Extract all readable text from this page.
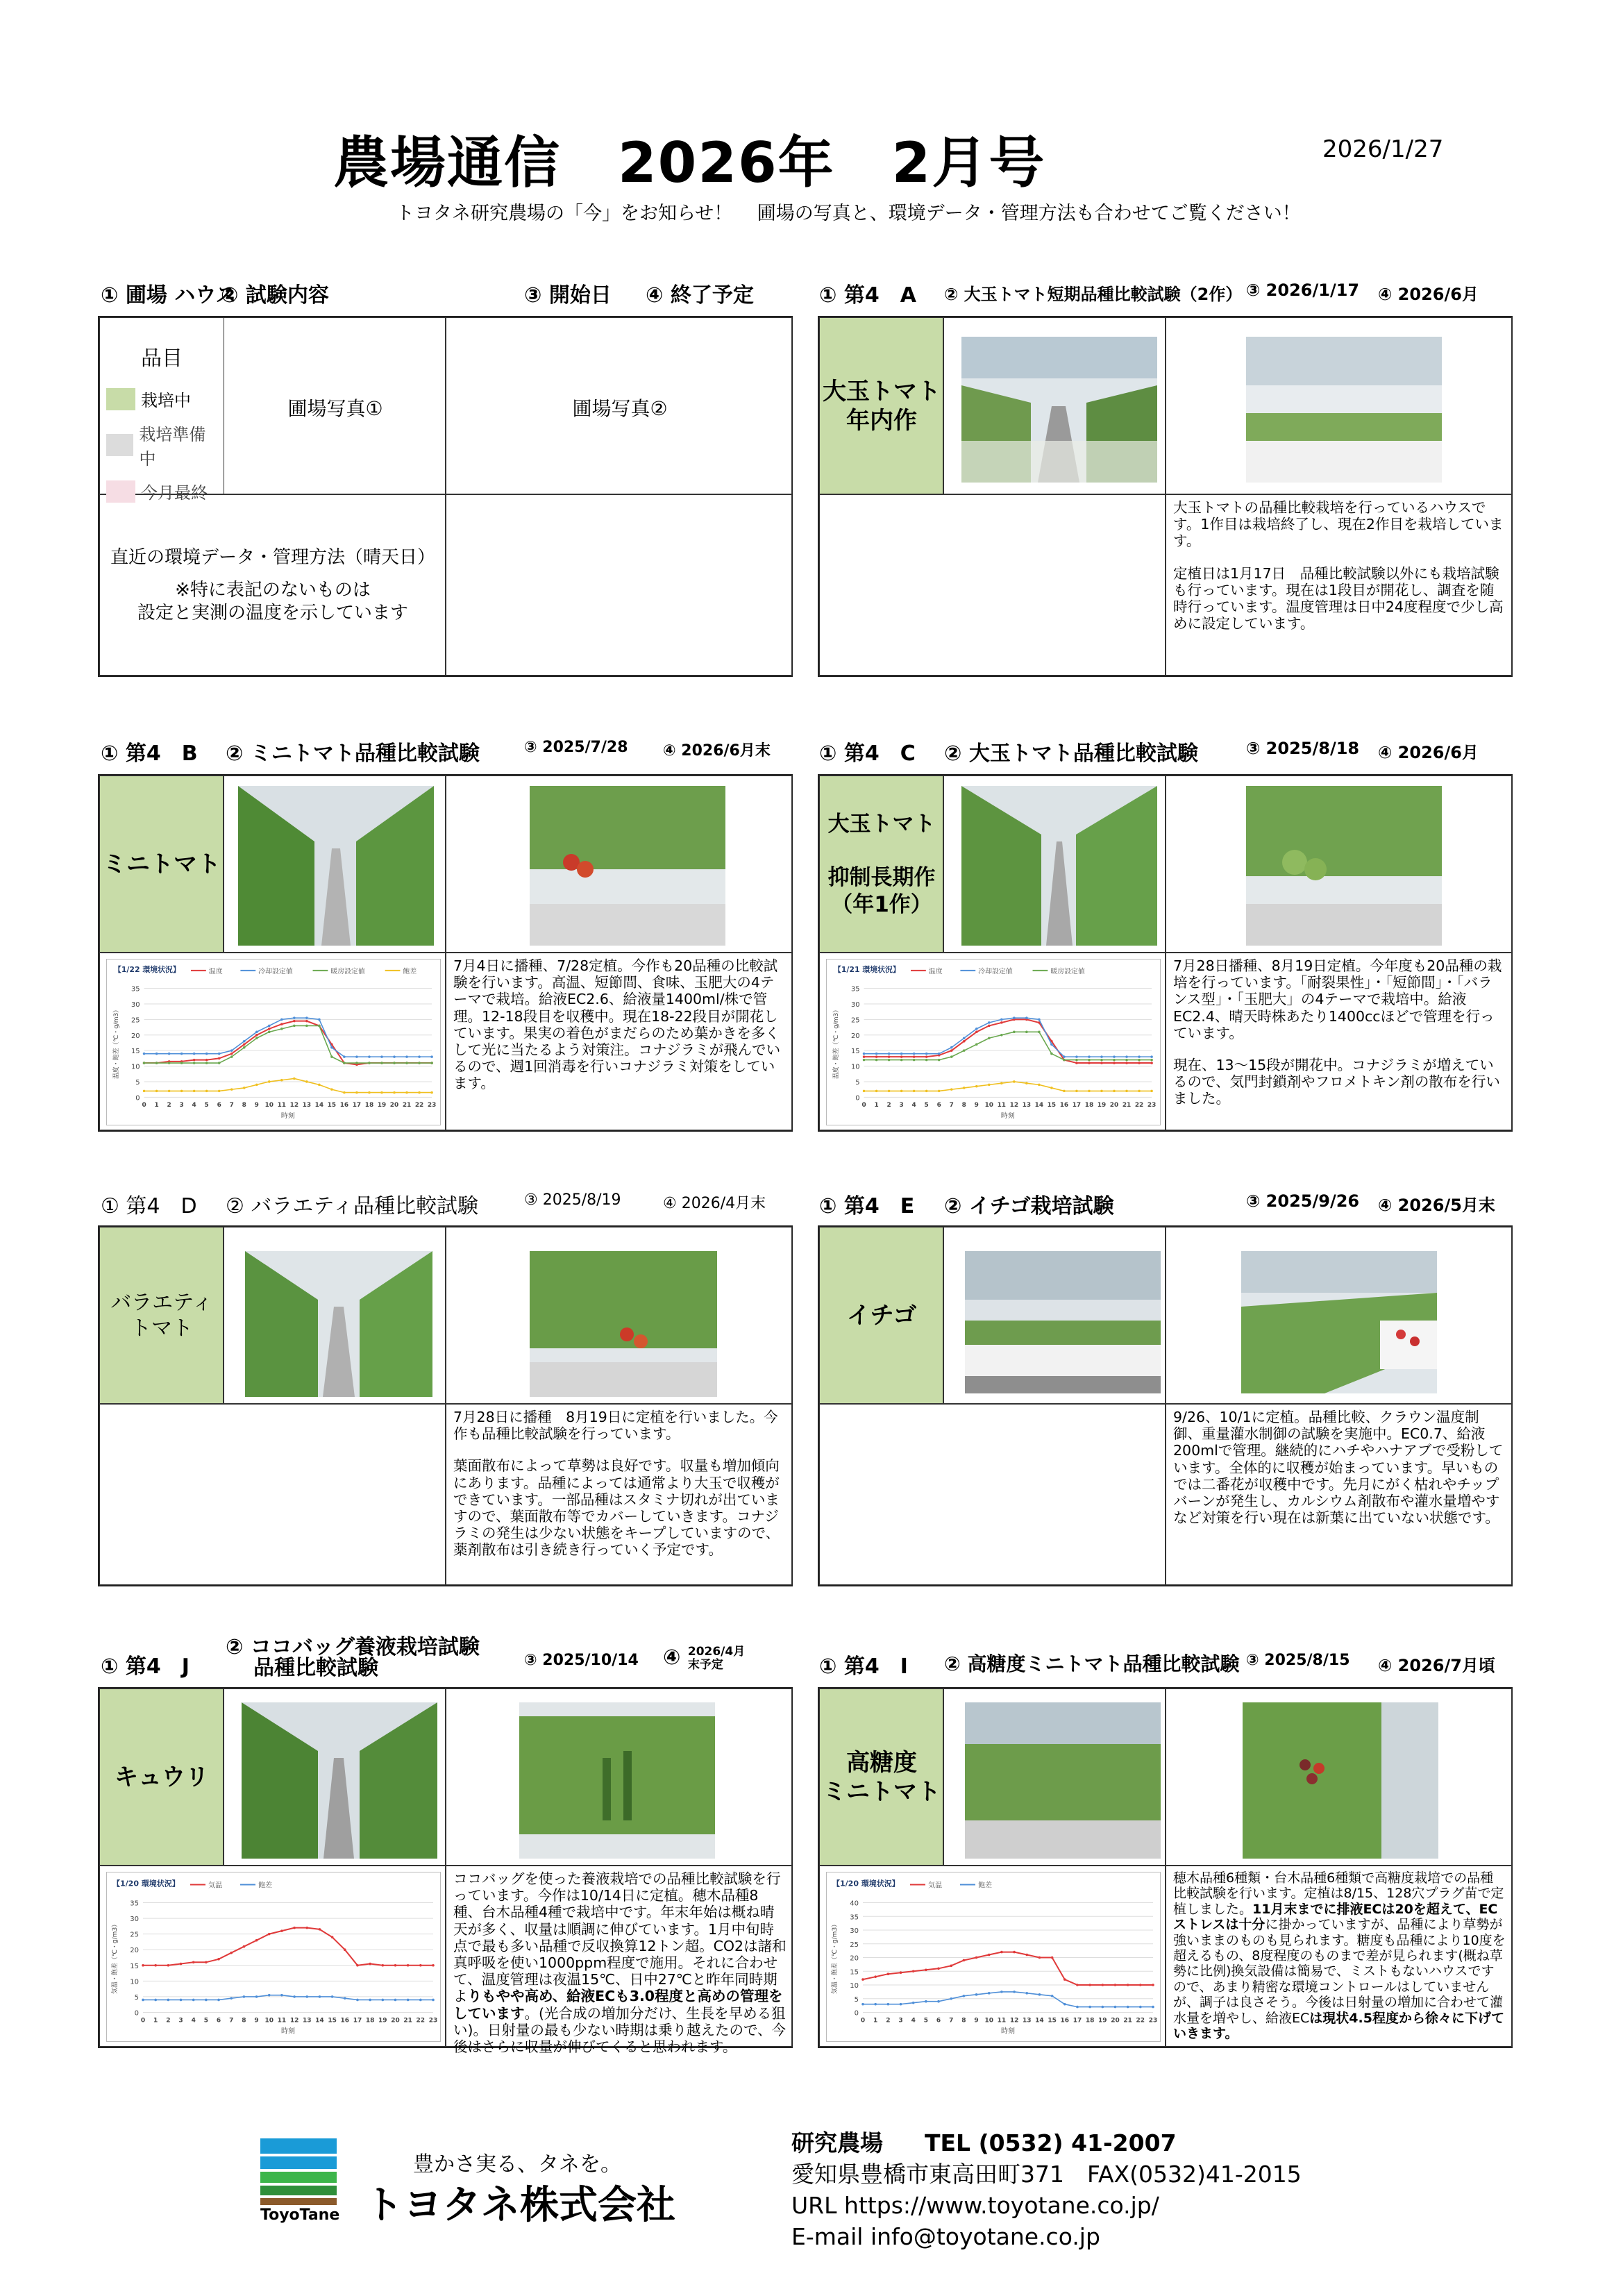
農場通信　2026年　2月号	2026/1/27
トヨタネ研究農場の「今」をお知らせ！　 圃場の写真と、環境データ・管理方法も合わせてご覧ください！
① 圃場 ハウス
② 試験内容	③ 開始日 ④ 終了予定
品目
栽培中
栽培準備中
今月最終
圃場写真①	圃場写真②
直近の環境データ・管理方法（晴天日）
※特に表記のないものは
設定と実測の温度を示しています
① 第4　A ② 大玉トマト短期品種比較試験（2作） ③ 2026/1/17 ④ 2026/6月
大玉トマト
年内作

大玉トマトの品種比較栽培を行っているハウスです。1作目は栽培終了し、現在2作目を栽培しています。

定植日は1月17日　品種比較試験以外にも栽培試験も行っています。現在は1段目が開花し、調査を随時行っています。温度管理は日中24度程度で少し高めに設定しています。

① 第4　B ② ミニトマト品種比較試験	③ 2025/7/28 ④ 2026/6月末
ミニトマト
【1/22 環境状況】	温度	冷却設定値	暖房設定値	飽差
0
5
10
15
20
25
30
35
0 1 2 3 4 5 6 7 8 9 10 11 12 13 14 15 16 17 18 19 20 21 22 23
時刻
温度・飽差（℃・g/m3）

7月4日に播種、7/28定植。今作も20品種の比較試験を行います。高温、短節間、食味、玉肥大の4テーマで栽培。給液EC2.6、給液量1400ml/株で管理。12-18段目を収穫中。現在18-22段目が開花しています。果実の着色がまだらのため葉かきを多くして光に当たるよう対策注。コナジラミが飛んでいるので、週1回消毒を行いコナジラミ対策をしています。

① 第4　C ② 大玉トマト品種比較試験	③ 2025/8/18 ④ 2026/6月
大玉トマト

抑制長期作
（年1作）
【1/21 環境状況】	温度	冷却設定値	暖房設定値
0
5
10
15
20
25
30
35
0 1 2 3 4 5 6 7 8 9 10 11 12 13 14 15 16 17 18 19 20 21 22 23
時刻
温度・飽差（℃・g/m3）

7月28日播種、8月19日定植。今年度も20品種の栽培を行っています。「耐裂果性」・「短節間」・「バランス型」・「玉肥大」の4テーマで栽培中。給液EC2.4、晴天時株あたり1400ccほどで管理を行っています。

現在、13～15段が開花中。コナジラミが増えているので、気門封鎖剤やフロメトキン剤の散布を行いました。

① 第4　D ② バラエティ品種比較試験	③ 2025/8/19	④ 2026/4月末
バラエティ
トマト

7月28日に播種　8月19日に定植を行いました。今作も品種比較試験を行っています。

葉面散布によって草勢は良好です。収量も増加傾向にあります。品種によっては通常より大玉で収穫ができています。一部品種はスタミナ切れが出ていますので、葉面散布等でカバーしていきます。コナジラミの発生は少ない状態をキープしていますので、薬剤散布は引き続き行っていく予定です。

① 第4　E ② イチゴ栽培試験	③ 2025/9/26 ④ 2026/5月末
イチゴ

9/26、10/1に定植。品種比較、クラウン温度制御、重量灌水制御の試験を実施中。EC0.7、給液200mlで管理。継続的にハチやハナアブで受粉しています。全体的に収穫が始まっています。早いものでは二番花が収穫中です。先月にがく枯れやチップバーンが発生し、カルシウム剤散布や灌水量増やすなど対策を行い現在は新葉に出ていない状態です。

① 第4　J
② ココバッグ養液栽培試験
品種比較試験	③ 2025/10/14 ④ 2026/4月末予定
キュウリ
【1/20 環境状況】	気温	飽差
0
5
10
15
20
25
30
35
0 1 2 3 4 5 6 7 8 9 10 11 12 13 14 15 16 17 18 19 20 21 22 23
時刻
気温・飽差（℃・g/m3）

ココバッグを使った養液栽培での品種比較試験を行っています。今作は10/14日に定植。穂木品種8種、台木品種4種で栽培中です。年末年始は概ね晴天が多く、収量は順調に伸びています。1月中旬時点で最も多い品種で反収換算12トン超。CO2は諸和真呼吸を使い1000ppm程度で施用。それに合わせて、温度管理は夜温15℃、日中27℃と昨年同時期よりもやや高め、給液ECも3.0程度と高めの管理をしています。(光合成の増加分だけ、生長を早める狙い)。日射量の最も少ない時期は乗り越えたので、今後はさらに収量が伸びてくると思われます。

① 第4　I ② 高糖度ミニトマト品種比較試験 ③ 2025/8/15 ④ 2026/7月頃
高糖度
ミニトマト
【1/20 環境状況】	気温	飽差
0
5
10
15
20
25
30
35
40
0 1 2 3 4 5 6 7 8 9 10 11 12 13 14 15 16 17 18 19 20 21 22 23
時刻
気温・飽差（℃・g/m3）

穂木品種6種類・台木品種6種類で高糖度栽培での品種比較試験を行います。定植は8/15、128穴プラグ苗で定植しました。11月末までに排液ECは20を超えて、ECストレスは十分に掛かっていますが、品種により草勢が強いままのものも見られます。糖度も品種により10度を超えるもの、8度程度のものまで差が見られます(概ね草勢に比例)換気設備は簡易で、ミストもないハウスですので、あまり精密な環境コントロールはしていませんが、調子は良さそう。今後は日射量の増加に合わせて灌水量を増やし、給液ECは現状4.5程度から徐々に下げていきます。

ToyoTane
豊かさ実る、タネを。
トヨタネ株式会社
研究農場 TEL (0532) 41-2007
愛知県豊橋市東高田町371　FAX(0532)41-2015
URL https://www.toyotane.co.jp/
E-mail info@toyotane.co.jp
